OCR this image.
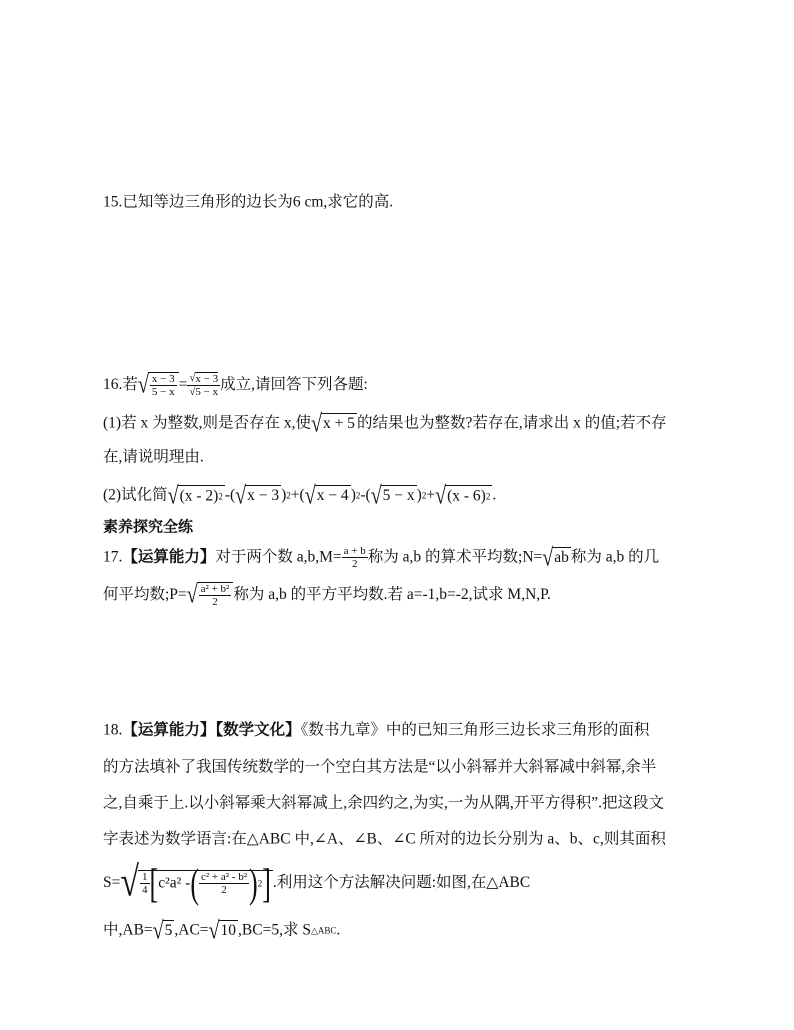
15.已知等边三角形的边长为6 cm,求它的高.
16.若√ $\frac{x - 3}{5 - x} = \frac{√x - 3}{√5 - x}$ 成立,请回答下列各题:
(1)若 x 为整数,则是否存在 x,使√x + 5 的结果也为整数?若存在,请求出 x 的值;若不存
在,请说明理由.
(2)试化简√(x - 2)2 -(√x − 3 )2+(√x − 4 )2-(√5 − x )2+√(x - 6)2 .
素养探究全练
17.【运算能力】对于两个数 $a,b,M= \frac{a + b}{2}$ 称为 a,b 的算术平均数;N=√ab 称为 a,b 的几
何平均数;P=√ $\frac{\text{a² + b²}}{2}$ 称为 a,b 的平方平均数.若 a=-1,b=-2,试求 M,N,P.
18.【运算能力】【数学文化】《数书九章》中的已知三角形三边长求三角形的面积
的方法填补了我国传统数学的一个空白其方法是“以小斜幂并大斜幂减中斜幂,余半
之,自乘于上.以小斜幂乘大斜幂减上,余四约之,为实,一为从隅,开平方得积”.把这段文
字表述为数学语言:在△ABC 中,∠A、∠B、∠C 所对的边长分别为 a、b、c,则其面积
$S=√ \frac{1}{4} [c^2a^2$ -( $\frac{\text{c² + a² - b²}}{2} )2$] .利用这个方法解决问题:如图,在△ABC
中,AB=√5 ,AC=√10 ,BC=5,求 S△ABC.
